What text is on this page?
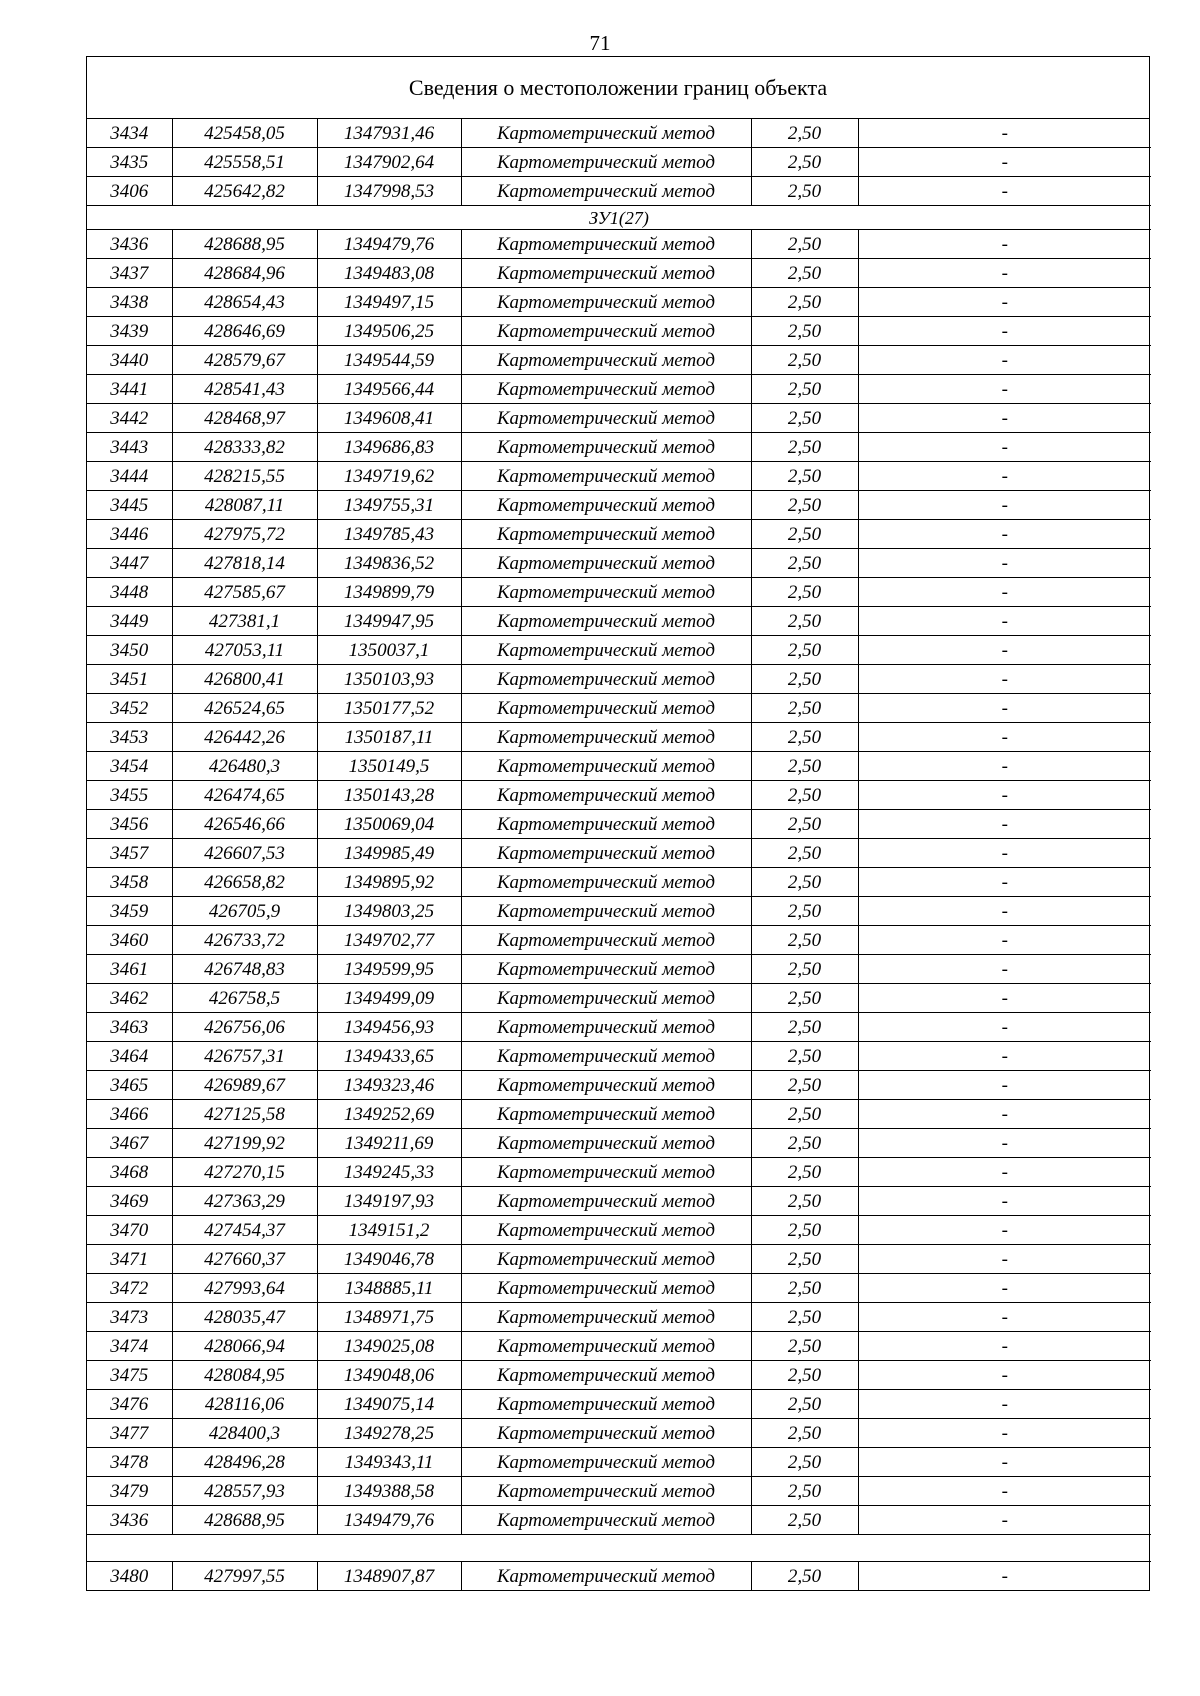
71
Сведения о местоположении границ объекта
3434	425458,05	1347931,46	Картометрический метод	2,50	-
3435	425558,51	1347902,64	Картометрический метод	2,50	-
3406	425642,82	1347998,53	Картометрический метод	2,50	-
ЗУ1(27)					
3436	428688,95	1349479,76	Картометрический метод	2,50	-
3437	428684,96	1349483,08	Картометрический метод	2,50	-
3438	428654,43	1349497,15	Картометрический метод	2,50	-
3439	428646,69	1349506,25	Картометрический метод	2,50	-
3440	428579,67	1349544,59	Картометрический метод	2,50	-
3441	428541,43	1349566,44	Картометрический метод	2,50	-
3442	428468,97	1349608,41	Картометрический метод	2,50	-
3443	428333,82	1349686,83	Картометрический метод	2,50	-
3444	428215,55	1349719,62	Картометрический метод	2,50	-
3445	428087,11	1349755,31	Картометрический метод	2,50	-
3446	427975,72	1349785,43	Картометрический метод	2,50	-
3447	427818,14	1349836,52	Картометрический метод	2,50	-
3448	427585,67	1349899,79	Картометрический метод	2,50	-
3449	427381,1	1349947,95	Картометрический метод	2,50	-
3450	427053,11	1350037,1	Картометрический метод	2,50	-
3451	426800,41	1350103,93	Картометрический метод	2,50	-
3452	426524,65	1350177,52	Картометрический метод	2,50	-
3453	426442,26	1350187,11	Картометрический метод	2,50	-
3454	426480,3	1350149,5	Картометрический метод	2,50	-
3455	426474,65	1350143,28	Картометрический метод	2,50	-
3456	426546,66	1350069,04	Картометрический метод	2,50	-
3457	426607,53	1349985,49	Картометрический метод	2,50	-
3458	426658,82	1349895,92	Картометрический метод	2,50	-
3459	426705,9	1349803,25	Картометрический метод	2,50	-
3460	426733,72	1349702,77	Картометрический метод	2,50	-
3461	426748,83	1349599,95	Картометрический метод	2,50	-
3462	426758,5	1349499,09	Картометрический метод	2,50	-
3463	426756,06	1349456,93	Картометрический метод	2,50	-
3464	426757,31	1349433,65	Картометрический метод	2,50	-
3465	426989,67	1349323,46	Картометрический метод	2,50	-
3466	427125,58	1349252,69	Картометрический метод	2,50	-
3467	427199,92	1349211,69	Картометрический метод	2,50	-
3468	427270,15	1349245,33	Картометрический метод	2,50	-
3469	427363,29	1349197,93	Картометрический метод	2,50	-
3470	427454,37	1349151,2	Картометрический метод	2,50	-
3471	427660,37	1349046,78	Картометрический метод	2,50	-
3472	427993,64	1348885,11	Картометрический метод	2,50	-
3473	428035,47	1348971,75	Картометрический метод	2,50	-
3474	428066,94	1349025,08	Картометрический метод	2,50	-
3475	428084,95	1349048,06	Картометрический метод	2,50	-
3476	428116,06	1349075,14	Картометрический метод	2,50	-
3477	428400,3	1349278,25	Картометрический метод	2,50	-
3478	428496,28	1349343,11	Картометрический метод	2,50	-
3479	428557,93	1349388,58	Картометрический метод	2,50	-
3436	428688,95	1349479,76	Картометрический метод	2,50	-

3480	427997,55	1348907,87	Картометрический метод	2,50	-
